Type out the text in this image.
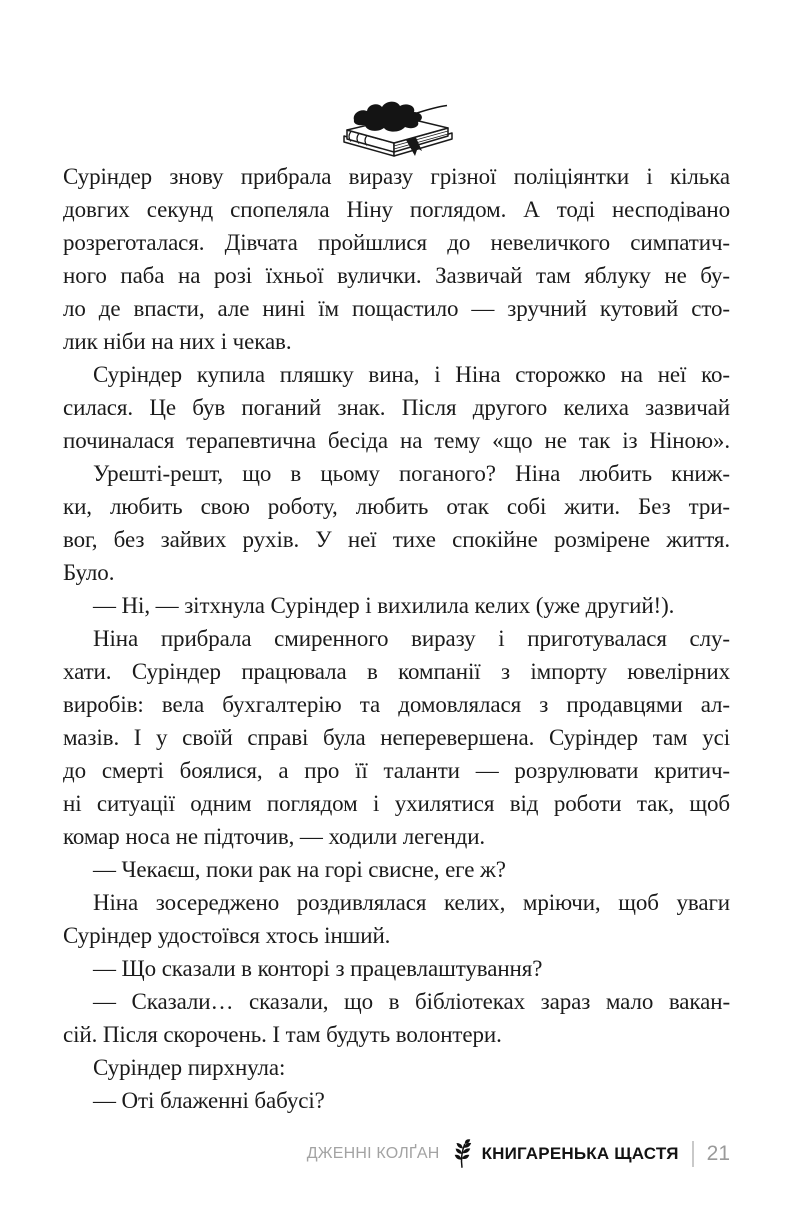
Суріндер знову прибрала виразу грізної поліціянтки і кілька
довгих секунд спопеляла Ніну поглядом. А тоді несподівано
розреготалася. Дівчата пройшлися до невеличкого симпатич-
ного паба на розі їхньої вулички. Зазвичай там яблуку не бу-
ло де впасти, але нині їм пощастило — зручний кутовий сто-
лик ніби на них і чекав.
Суріндер купила пляшку вина, і Ніна сторожко на неї ко-
силася. Це був поганий знак. Після другого келиха зазвичай
починалася терапевтична бесіда на тему «що не так із Ніною».
Урешті-решт, що в цьому поганого? Ніна любить книж-
ки, любить свою роботу, любить отак собі жити. Без три-
вог, без зайвих рухів. У неї тихе спокійне розмірене життя.
Було.
— Ні, — зітхнула Суріндер і вихилила келих (уже другий!).
Ніна прибрала смиренного виразу і приготувалася слу-
хати. Суріндер працювала в компанії з імпорту ювелірних
виробів: вела бухгалтерію та домовлялася з продавцями ал-
мазів. І у своїй справі була неперевершена. Суріндер там усі
до смерті боялися, а про її таланти — розрулювати критич-
ні ситуації одним поглядом і ухилятися від роботи так, щоб
комар носа не підточив, — ходили легенди.
— Чекаєш, поки рак на горі свисне, еге ж?
Ніна зосереджено роздивлялася келих, мріючи, щоб уваги
Суріндер удостоївся хтось інший.
— Що сказали в конторі з працевлаштування?
— Сказали… сказали, що в бібліотеках зараз мало вакан-
сій. Після скорочень. І там будуть волонтери.
Суріндер пирхнула:
— Оті блаженні бабусі?
ДЖЕННІ КОЛҐАН КНИГАРЕНЬКА ЩАСТЯ 21
